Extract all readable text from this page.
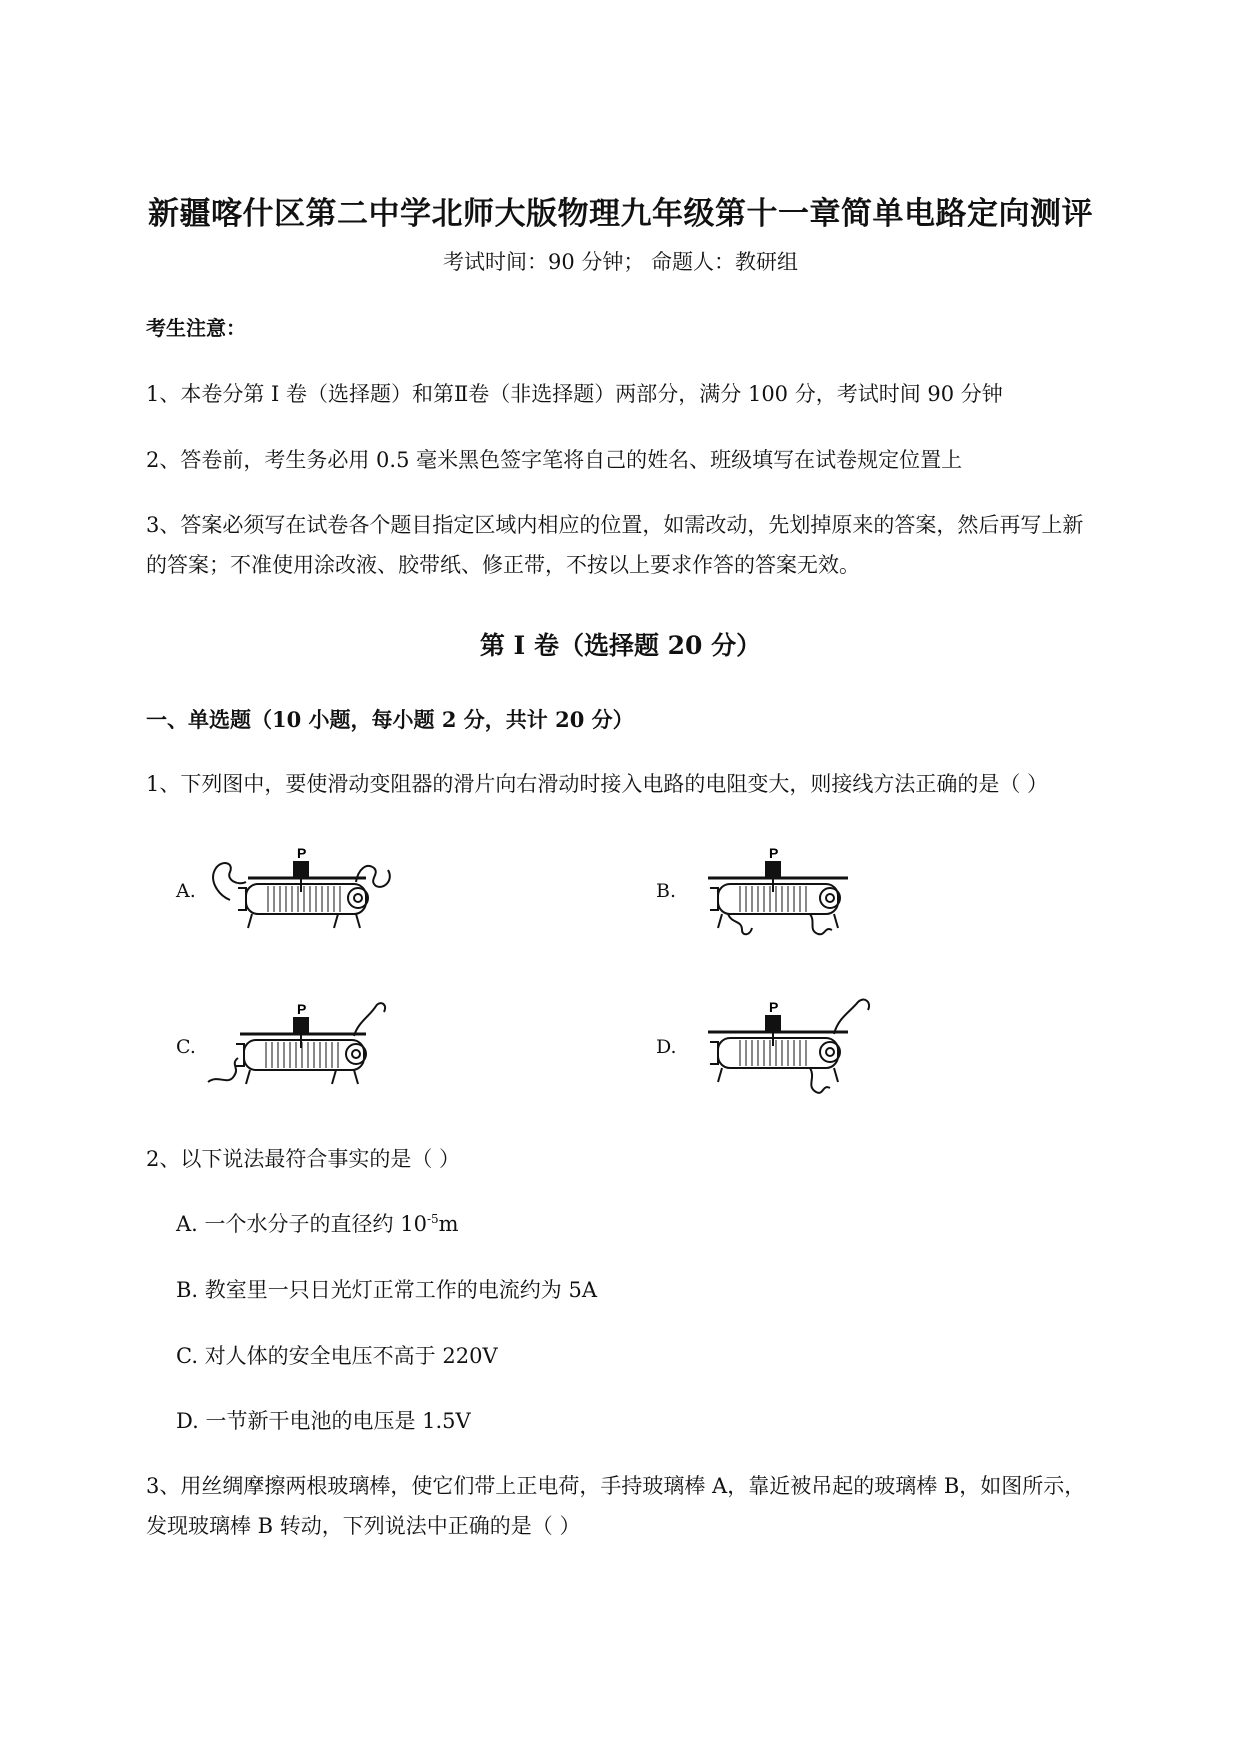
新疆喀什区第二中学北师大版物理九年级第十一章简单电路定向测评
考试时间：90 分钟； 命题人：教研组
考生注意：
1、本卷分第 I 卷（选择题）和第Ⅱ卷（非选择题）两部分，满分 100 分，考试时间 90 分钟
2、答卷前，考生务必用 0.5 毫米黑色签字笔将自己的姓名、班级填写在试卷规定位置上
3、答案必须写在试卷各个题目指定区域内相应的位置，如需改动，先划掉原来的答案，然后再写上新
的答案；不准使用涂改液、胶带纸、修正带，不按以上要求作答的答案无效。
第 I 卷（选择题 20 分）
一、单选题（10 小题，每小题 2 分，共计 20 分）
1、下列图中，要使滑动变阻器的滑片向右滑动时接入电路的电阻变大，则接线方法正确的是（ ）
A.
P
B.
P
C.
P
D.
P
2、以下说法最符合事实的是（ ）
A. 一个水分子的直径约 $10^{-5}m$
B. 教室里一只日光灯正常工作的电流约为 5A
C. 对人体的安全电压不高于 220V
D. 一节新干电池的电压是 1.5V
3、用丝绸摩擦两根玻璃棒，使它们带上正电荷，手持玻璃棒 A，靠近被吊起的玻璃棒 B，如图所示，
发现玻璃棒 B 转动，下列说法中正确的是（ ）
